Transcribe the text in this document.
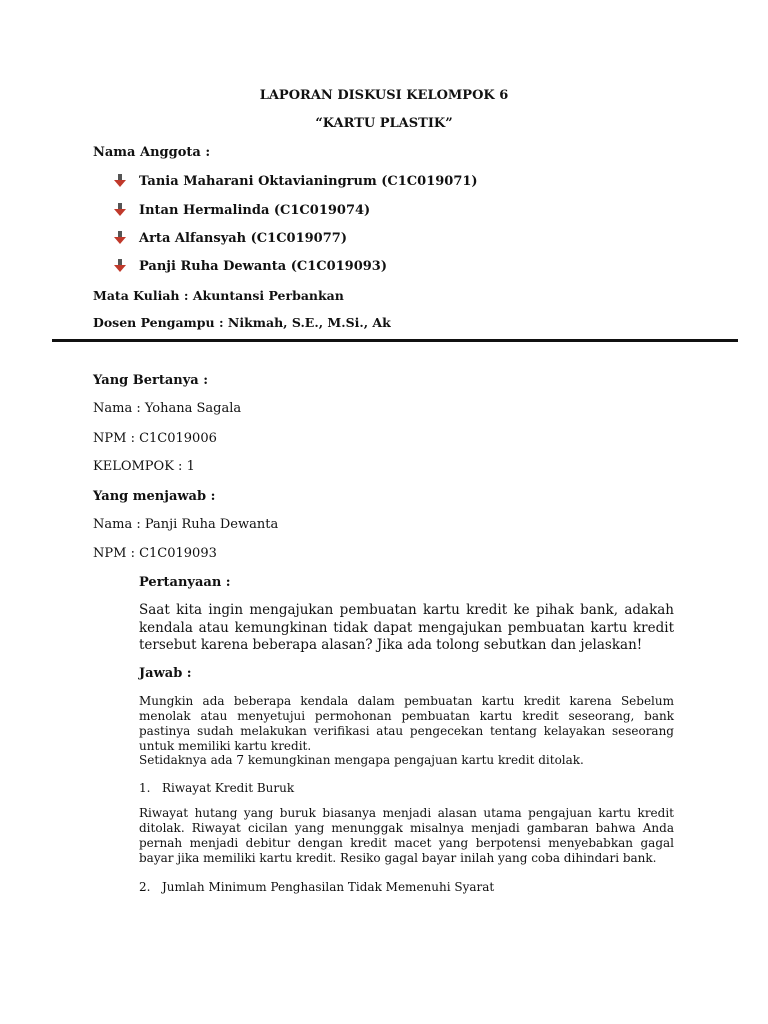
LAPORAN DISKUSI KELOMPOK 6
“KARTU PLASTIK”
Nama Anggota :
Tania Maharani Oktavianingrum (C1C019071)
Intan Hermalinda (C1C019074)
Arta Alfansyah (C1C019077)
Panji Ruha Dewanta (C1C019093)
Mata Kuliah : Akuntansi Perbankan
Dosen Pengampu : Nikmah, S.E., M.Si., Ak
Yang Bertanya :
Nama : Yohana Sagala
NPM : C1C019006
KELOMPOK : 1
Yang menjawab :
Nama : Panji Ruha Dewanta
NPM : C1C019093
Pertanyaan :
Saat kita ingin mengajukan pembuatan kartu kredit ke pihak bank, adakah kendala atau kemungkinan tidak dapat mengajukan pembuatan kartu kredit tersebut karena beberapa alasan? Jika ada tolong sebutkan dan jelaskan!
Jawab :
Mungkin ada beberapa kendala dalam pembuatan kartu kredit karena Sebelum menolak atau menyetujui permohonan pembuatan kartu kredit seseorang, bank pastinya sudah melakukan verifikasi atau pengecekan tentang kelayakan seseorang untuk memiliki kartu kredit.
Setidaknya ada 7 kemungkinan mengapa pengajuan kartu kredit ditolak.
1. Riwayat Kredit Buruk
Riwayat hutang yang buruk biasanya menjadi alasan utama pengajuan kartu kredit ditolak. Riwayat cicilan yang menunggak misalnya menjadi gambaran bahwa Anda pernah menjadi debitur dengan kredit macet yang berpotensi menyebabkan gagal bayar jika memiliki kartu kredit. Resiko gagal bayar inilah yang coba dihindari bank.
2. Jumlah Minimum Penghasilan Tidak Memenuhi Syarat
